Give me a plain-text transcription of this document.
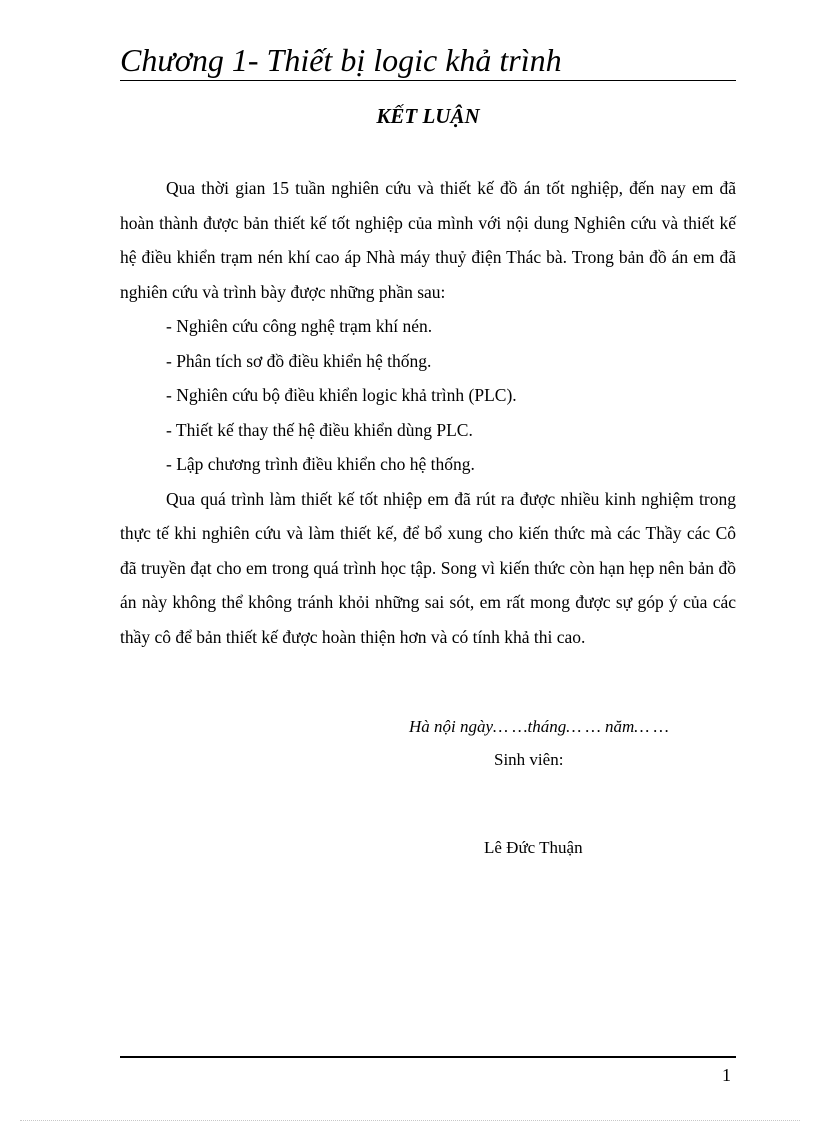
Chương 1- Thiết bị logic khả trình
KẾT LUẬN

Qua thời gian 15 tuần nghiên cứu và thiết kế đồ án tốt nghiệp, đến nay em đã hoàn thành được bản thiết kế tốt nghiệp của mình với nội dung Nghiên cứu và thiết kế hệ điều khiển trạm nén khí cao áp Nhà máy thuỷ điện Thác bà. Trong bản đồ án em đã nghiên cứu và trình bày được những phần sau:

- Nghiên cứu công nghệ trạm khí nén.

- Phân tích sơ đồ điều khiển hệ thống.

- Nghiên cứu bộ điều khiển logic khả trình (PLC).

- Thiết kế thay thế hệ điều khiển dùng PLC.

- Lập chương trình điều khiển cho hệ thống.

Qua quá trình làm thiết kế tốt nhiệp em đã rút ra được nhiều kinh nghiệm trong thực tế khi nghiên cứu và làm thiết kế, để bổ xung cho kiến thức mà các Thầy các Cô đã truyền đạt cho em trong quá trình học tập. Song vì kiến thức còn hạn hẹp nên bản đồ án này không thể không tránh khỏi những sai sót, em rất mong được sự góp ý của các thầy cô để bản thiết kế được hoàn thiện hơn và có tính khả thi cao.

Hà nội ngày… …tháng… … năm… …
Sinh viên:
Lê Đức Thuận
1
